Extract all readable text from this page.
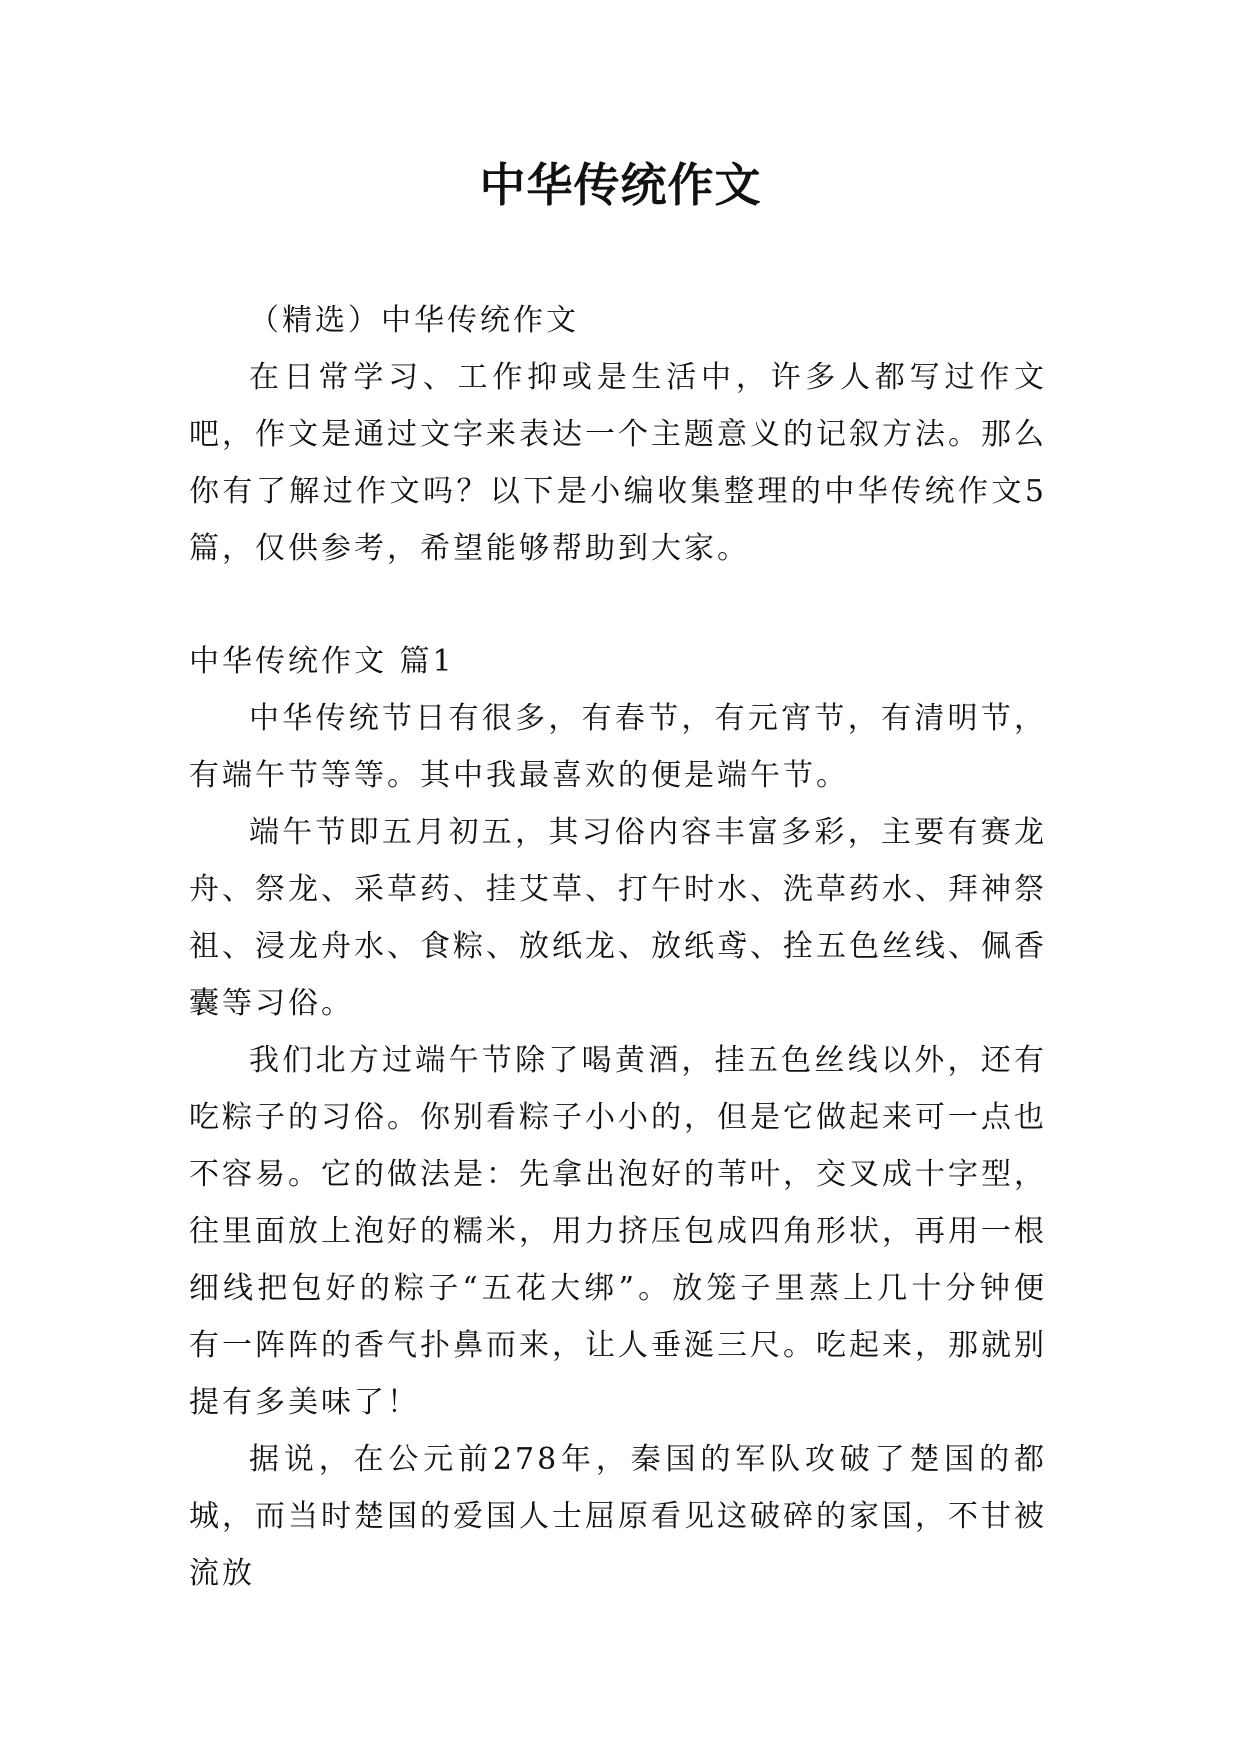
中华传统作文

（精选）中华传统作文

在日常学习、工作抑或是生活中，许多人都写过作文吧，作文是通过文字来表达一个主题意义的记叙方法。那么你有了解过作文吗？以下是小编收集整理的中华传统作文5篇，仅供参考，希望能够帮助到大家。

中华传统作文 篇1

中华传统节日有很多，有春节，有元宵节，有清明节，有端午节等等。其中我最喜欢的便是端午节。

端午节即五月初五，其习俗内容丰富多彩，主要有赛龙舟、祭龙、采草药、挂艾草、打午时水、洗草药水、拜神祭祖、浸龙舟水、食粽、放纸龙、放纸鸢、拴五色丝线、佩香囊等习俗。

我们北方过端午节除了喝黄酒，挂五色丝线以外，还有吃粽子的习俗。你别看粽子小小的，但是它做起来可一点也不容易。它的做法是：先拿出泡好的苇叶，交叉成十字型，往里面放上泡好的糯米，用力挤压包成四角形状，再用一根细线把包好的粽子“五花大绑”。放笼子里蒸上几十分钟便有一阵阵的香气扑鼻而来，让人垂涎三尺。吃起来，那就别提有多美味了！

据说，在公元前278年，秦国的军队攻破了楚国的都城，而当时楚国的爱国人士屈原看见这破碎的家国，不甘被流放
